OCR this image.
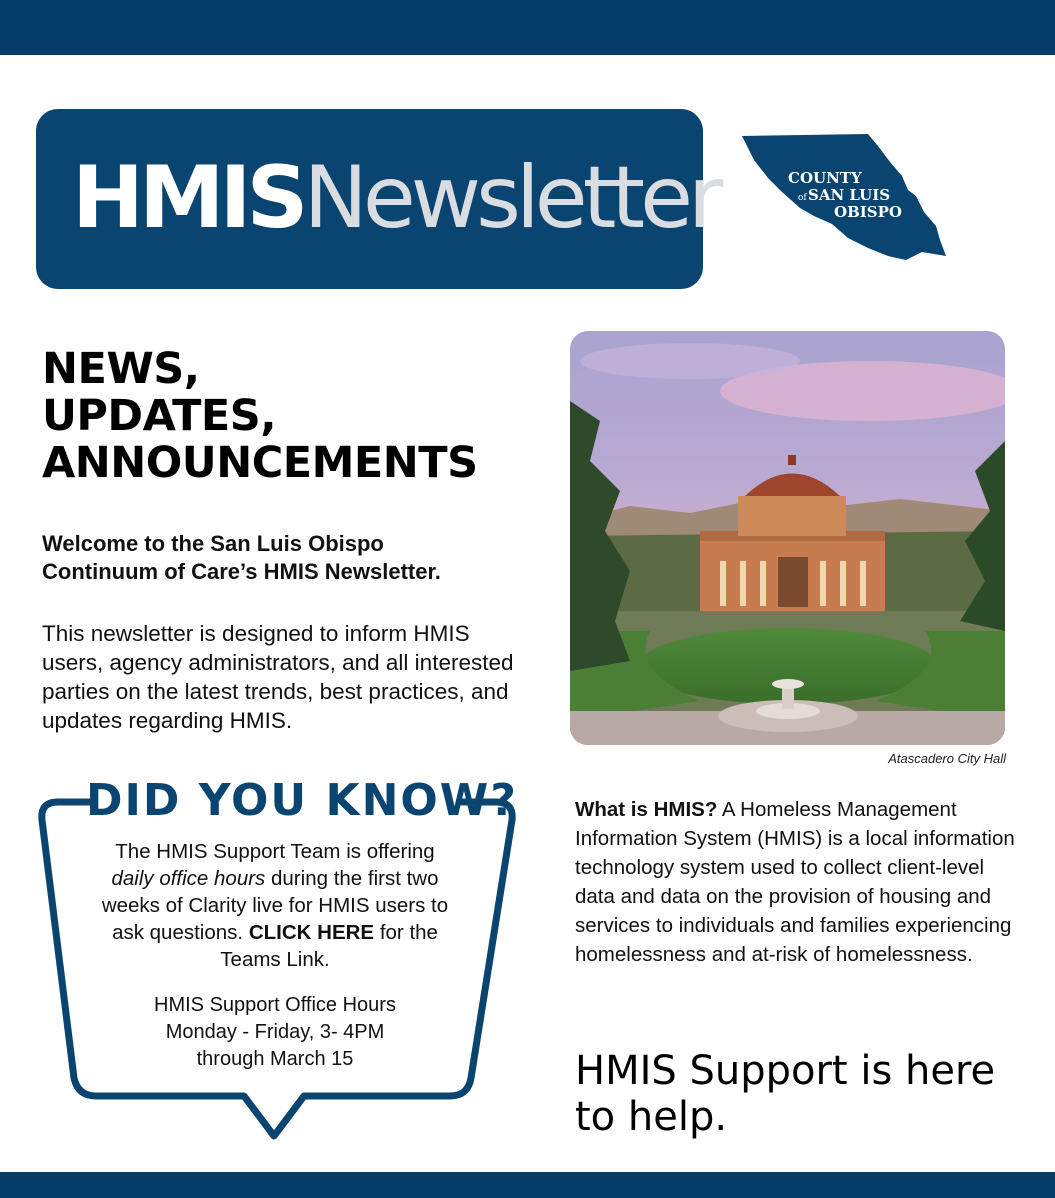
HMISNewsletter	COUNTY
of SAN LUIS
OBISPO
NEWS,
UPDATES,
ANNOUNCEMENTS

Welcome to the San Luis Obispo
Continuum of Care’s HMIS Newsletter.

This newsletter is designed to inform HMIS users, agency administrators, and all interested parties on the latest trends, best practices, and updates regarding HMIS.

Atascadero City Hall
DID YOU KNOW?

The HMIS Support Team is offering daily office hours during the first two weeks of Clarity live for HMIS users to ask questions. CLICK HERE for the Teams Link.

HMIS Support Office Hours
Monday - Friday, 3- 4PM
through March 15

What is HMIS? A Homeless Management Information System (HMIS) is a local information technology system used to collect client-level data and data on the provision of housing and services to individuals and families experiencing homelessness and at-risk of homelessness.

HMIS Support is here to help.
